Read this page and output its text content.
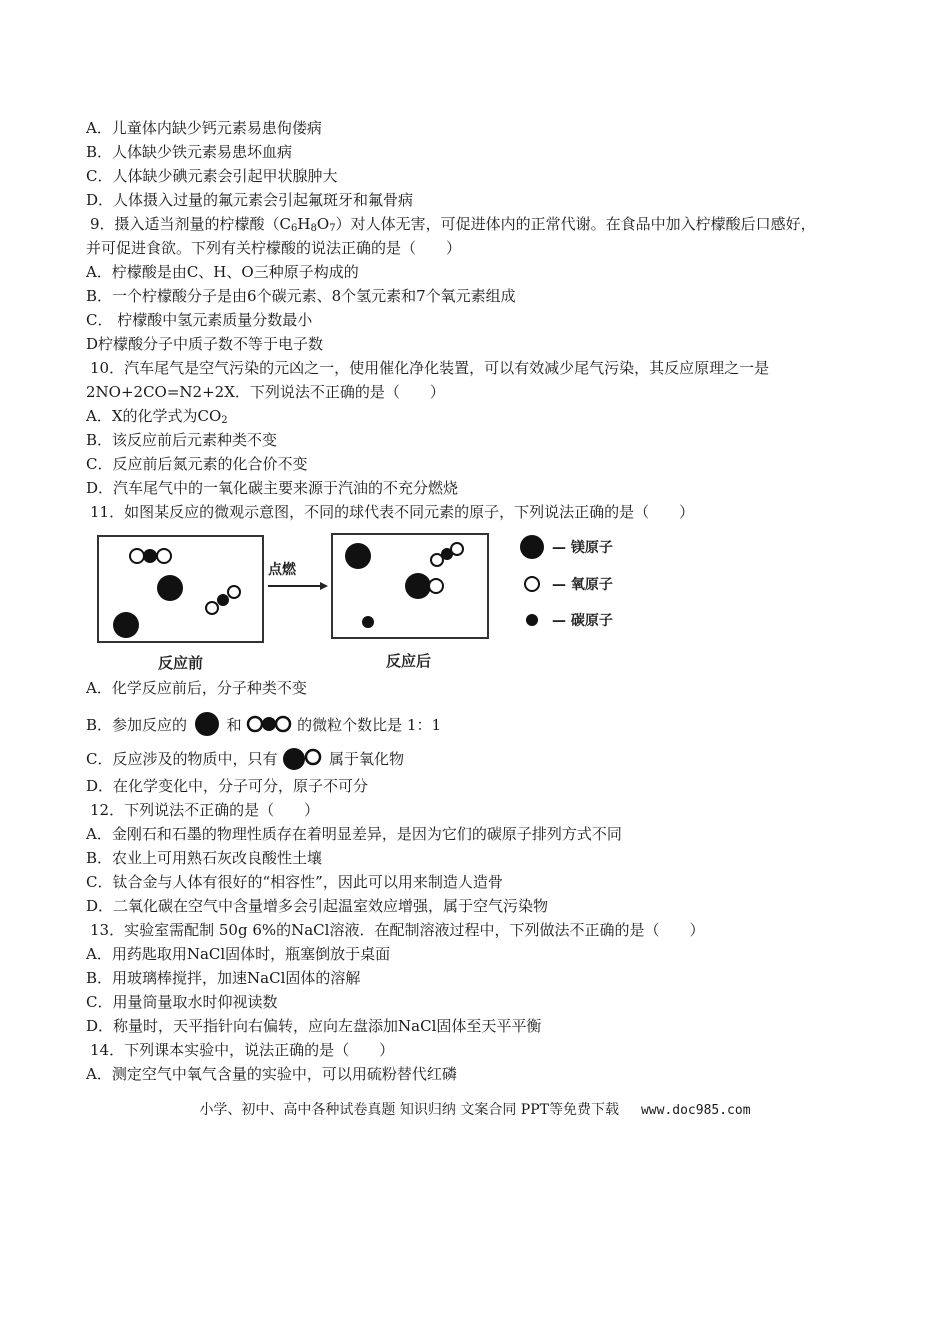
A．儿童体内缺少钙元素易患佝偻病
B．人体缺少铁元素易患坏血病
C．人体缺少碘元素会引起甲状腺肿大
D．人体摄入过量的氟元素会引起氟斑牙和氟骨病
9．摄入适当剂量的柠檬酸$(C_6H_8O_7)$对人体无害，可促进体内的正常代谢。在食品中加入柠檬酸后口感好，
并可促进食欲。下列有关柠檬酸的说法正确的是（　　）
A．柠檬酸是由C、H、O三种原子构成的
B．一个柠檬酸分子是由6个碳元素、8个氢元素和7个氧元素组成
C． 柠檬酸中氢元素质量分数最小
D柠檬酸分子中质子数不等于电子数
10．汽车尾气是空气污染的元凶之一，使用催化净化装置，可以有效减少尾气污染，其反应原理之一是
2NO+2CO=N2+2X．下列说法不正确的是（　　）
A．X的化学式为$CO_2$
B．该反应前后元素种类不变
C．反应前后氮元素的化合价不变
D．汽车尾气中的一氧化碳主要来源于汽油的不充分燃烧
11．如图某反应的微观示意图，不同的球代表不同元素的原子，下列说法正确的是（　　）
反应前
点燃
反应后
— 镁原子
— 氧原子
— 碳原子
A．化学反应前后，分子种类不变
B．参加反应的	和	的微粒个数比是 1：1
C．反应涉及的物质中，只有	属于氧化物
D．在化学变化中，分子可分，原子不可分
12．下列说法不正确的是（　　）
A．金刚石和石墨的物理性质存在着明显差异，是因为它们的碳原子排列方式不同
B．农业上可用熟石灰改良酸性土壤
C．钛合金与人体有很好的“相容性”，因此可以用来制造人造骨
D．二氧化碳在空气中含量增多会引起温室效应增强，属于空气污染物
13．实验室需配制 50g 6%的NaCl溶液．在配制溶液过程中，下列做法不正确的是（　　）
A．用药匙取用NaCl固体时，瓶塞倒放于桌面
B．用玻璃棒搅拌，加速NaCl固体的溶解
C．用量筒量取水时仰视读数
D．称量时，天平指针向右偏转，应向左盘添加NaCl固体至天平平衡
14．下列课本实验中，说法正确的是（　　）
A．测定空气中氧气含量的实验中，可以用硫粉替代红磷
小学、初中、高中各种试卷真题 知识归纳 文案合同 PPT等免费下载 www.doc985.com
